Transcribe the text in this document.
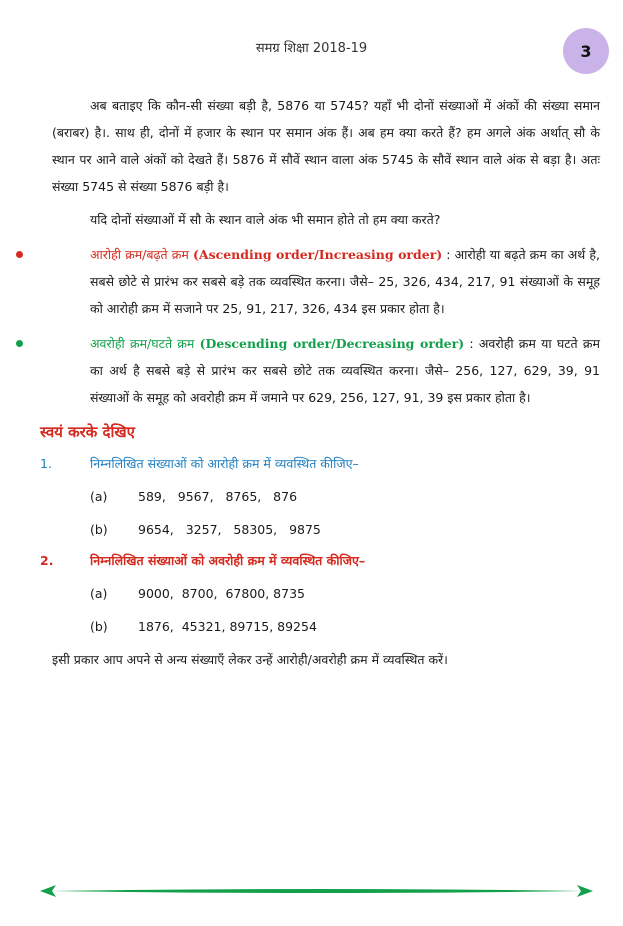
समग्र शिक्षा 2018-19	3

अब बताइए कि कौन-सी संख्या बड़ी है, 5876 या 5745? यहाँ भी दोनों संख्याओं में अंकों की संख्या समान (बराबर) है।. साथ ही, दोनों में हजार के स्थान पर समान अंक हैं। अब हम क्या करते हैं? हम अगले अंक अर्थात् सौ के स्थान पर आने वाले अंकों को देखते हैं। 5876 में सौवें स्थान वाला अंक 5745 के सौवें स्थान वाले अंक से बड़ा है। अतः संख्या 5745 से संख्या 5876 बड़ी है।

यदि दोनों संख्याओं में सौ के स्थान वाले अंक भी समान होते तो हम क्या करते?

आरोही क्रम/बढ़ते क्रम (Ascending order/Increasing order) : आरोही या बढ़ते क्रम का अर्थ है, सबसे छोटे से प्रारंभ कर सबसे बड़े तक व्यवस्थित करना। जैसे– 25, 326, 434, 217, 91 संख्याओं के समूह को आरोही क्रम में सजाने पर 25, 91, 217, 326, 434 इस प्रकार होता है।

अवरोही क्रम/घटते क्रम (Descending order/Decreasing order) : अवरोही क्रम या घटते क्रम का अर्थ है सबसे बड़े से प्रारंभ कर सबसे छोटे तक व्यवस्थित करना। जैसे– 256, 127, 629, 39, 91 संख्याओं के समूह को अवरोही क्रम में जमाने पर 629, 256, 127, 91, 39 इस प्रकार होता है।

स्वयं करके देखिए
1.	निम्नलिखित संख्याओं को आरोही क्रम में व्यवस्थित कीजिए–
(a)	589,   9567,   8765,   876
(b)	9654,   3257,   58305,   9875
2.	निम्नलिखित संख्याओं को अवरोही क्रम में व्यवस्थित कीजिए–
(a)	9000,  8700,  67800, 8735
(b)	1876,  45321, 89715, 89254

इसी प्रकार आप अपने से अन्य संख्याएँ लेकर उन्हें आरोही/अवरोही क्रम में व्यवस्थित करें।
